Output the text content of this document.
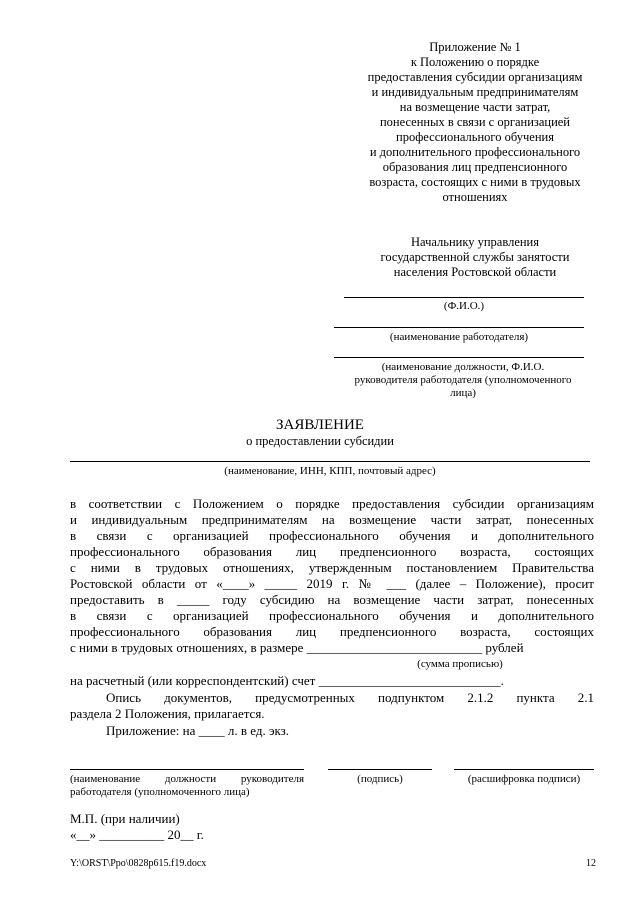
Приложение № 1
к Положению о порядке
предоставления субсидии организациям
и индивидуальным предпринимателям
на возмещение части затрат,
понесенных в связи с организацией
профессионального обучения
и дополнительного профессионального
образования лиц предпенсионного
возраста, состоящих с ними в трудовых
отношениях
Начальнику управления
государственной службы занятости
населения Ростовской области
(Ф.И.О.)
(наименование работодателя)
(наименование должности, Ф.И.О.
руководителя работодателя (уполномоченного
лица)
ЗАЯВЛЕНИЕ
о предоставлении субсидии
(наименование, ИНН, КПП, почтовый адрес)
в соответствии с Положением о порядке предоставления субсидии организациям
и индивидуальным предпринимателям на возмещение части затрат, понесенных
в связи с организацией профессионального обучения и дополнительного
профессионального образования лиц предпенсионного возраста, состоящих
с ними в трудовых отношениях, утвержденным постановлением Правительства
Ростовской области от «____» _____ 2019 г. № ___ (далее – Положение), просит
предоставить в _____ году субсидию на возмещение части затрат, понесенных
в связи с организацией профессионального обучения и дополнительного
профессионального образования лиц предпенсионного возраста, состоящих
с ними в трудовых отношениях, в размере ___________________________ рублей
(сумма прописью)
на расчетный (или корреспондентский) счет ____________________________.
Опись документов, предусмотренных подпунктом 2.1.2 пункта 2.1
раздела 2 Положения, прилагается.
Приложение: на ____ л. в ед. экз.
(наименование должности руководителя
работодателя (уполномоченного лица)
(подпись)	(расшифровка подписи)
М.П. (при наличии)
«__» __________ 20__ г.
Y:\ORST\Ppo\0828p615.f19.docx	12
